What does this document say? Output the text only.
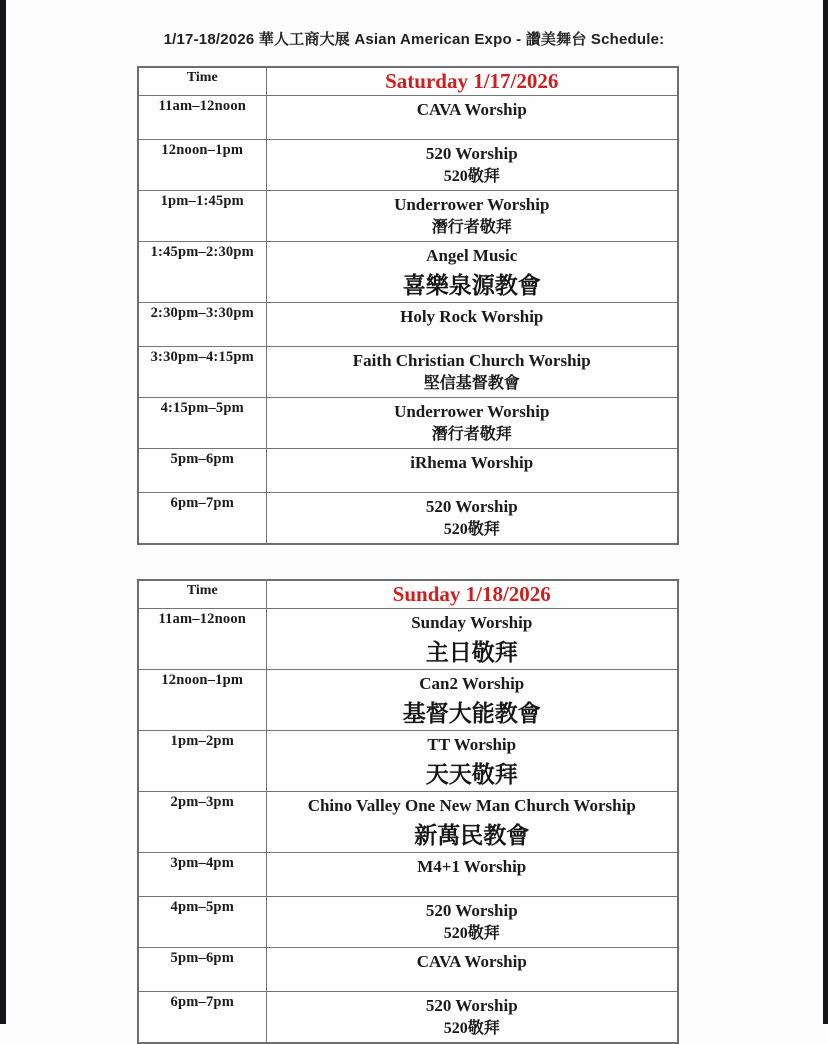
1/17-18/2026 華人工商大展 Asian American Expo - 讚美舞台 Schedule:
Time	Saturday 1/17/2026
11am–12noon	CAVA Worship

12noon–1pm	520 Worship
520敬拜

1pm–1:45pm	Underrower Worship
潛行者敬拜

1:45pm–2:30pm	Angel Music
喜樂泉源教會

2:30pm–3:30pm	Holy Rock Worship

3:30pm–4:15pm	Faith Christian Church Worship
堅信基督教會

4:15pm–5pm	Underrower Worship
潛行者敬拜

5pm–6pm	iRhema Worship

6pm–7pm	520 Worship
520敬拜
Time	Sunday 1/18/2026
11am–12noon	Sunday Worship
主日敬拜

12noon–1pm	Can2 Worship
基督大能教會

1pm–2pm	TT Worship
天天敬拜

2pm–3pm	Chino Valley One New Man Church Worship
新萬民教會

3pm–4pm	M4+1 Worship

4pm–5pm	520 Worship
520敬拜

5pm–6pm	CAVA Worship

6pm–7pm	520 Worship
520敬拜
